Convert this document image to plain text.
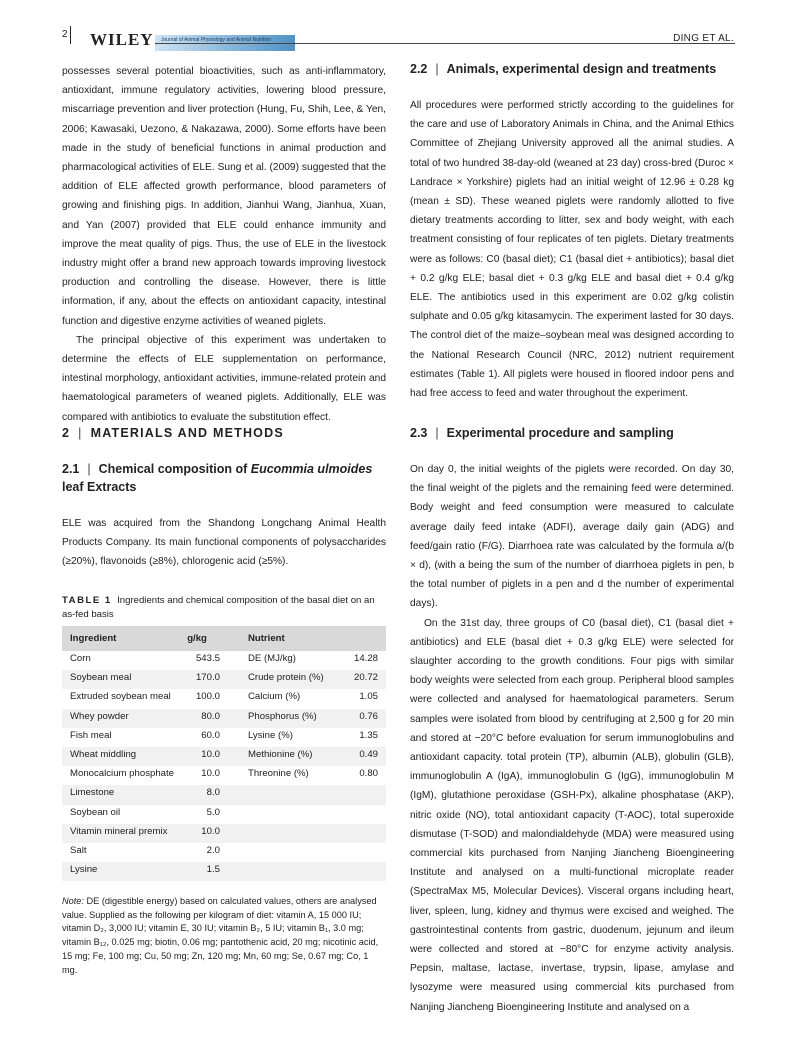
2 WILEY	Journal of Animal Physiology and Animal Nutrition	DING ET AL.

possesses several potential bioactivities, such as anti-inflammatory, antioxidant, immune regulatory activities, lowering blood pressure, miscarriage prevention and liver protection (Hung, Fu, Shih, Lee, & Yen, 2006; Kawasaki, Uezono, & Nakazawa, 2000). Some efforts have been made in the study of beneficial functions in animal production and pharmacological activities of ELE. Sung et al. (2009) suggested that the addition of ELE affected growth performance, blood parameters of growing and finishing pigs. In addition, Jianhui Wang, Jianhua, Xuan, and Yan (2007) provided that ELE could enhance immunity and improve the meat quality of pigs. Thus, the use of ELE in the livestock industry might offer a brand new approach towards improving livestock production and controlling the disease. However, there is little information, if any, about the effects on antioxidant capacity, intestinal function and digestive enzyme activities of weaned piglets.

The principal objective of this experiment was undertaken to determine the effects of ELE supplementation on performance, intestinal morphology, antioxidant activities, immune-related protein and haematological parameters of weaned piglets. Additionally, ELE was compared with antibiotics to evaluate the substitution effect.

2 | MATERIALS AND METHODS
2.1 | Chemical composition of Eucommia ulmoides
leaf Extracts

ELE was acquired from the Shandong Longchang Animal Health Products Company. Its main functional components of polysaccharides (≥20%), flavonoids (≥8%), chlorogenic acid (≥5%).

TABLE 1 Ingredients and chemical composition of the basal diet on an as-fed basis
Ingredient	g/kg	Nutrient	
Corn	543.5	DE (MJ/kg)	14.28
Soybean meal	170.0	Crude protein (%)	20.72
Extruded soybean meal	100.0	Calcium (%)	1.05
Whey powder	80.0	Phosphorus (%)	0.76
Fish meal	60.0	Lysine (%)	1.35
Wheat middling	10.0	Methionine (%)	0.49
Monocalcium phosphate	10.0	Threonine (%)	0.80
Limestone	8.0		
Soybean oil	5.0		
Vitamin mineral premix	10.0		
Salt	2.0		
Lysine	1.5		
Note: DE (digestible energy) based on calculated values, others are analysed value. Supplied as the following per kilogram of diet: vitamin A, 15 000 IU; vitamin D₂, 3,000 IU; vitamin E, 30 IU; vitamin B₂, 5 IU; vitamin B₁, 3.0 mg; vitamin B₁₂, 0.025 mg; biotin, 0.06 mg; pantothenic acid, 20 mg; nicotinic acid, 15 mg; Fe, 100 mg; Cu, 50 mg; Zn, 120 mg; Mn, 60 mg; Se, 0.67 mg; Co, 1 mg.
2.2 | Animals, experimental design and treatments

All procedures were performed strictly according to the guidelines for the care and use of Laboratory Animals in China, and the Animal Ethics Committee of Zhejiang University approved all the animal studies. A total of two hundred 38-day-old (weaned at 23 day) cross-bred (Duroc × Landrace × Yorkshire) piglets had an initial weight of 12.96 ± 0.28 kg (mean ± SD). These weaned piglets were randomly allotted to five dietary treatments according to litter, sex and body weight, with each treatment consisting of four replicates of ten piglets. Dietary treatments were as follows: C0 (basal diet); C1 (basal diet + antibiotics); basal diet + 0.2 g/kg ELE; basal diet + 0.3 g/kg ELE and basal diet + 0.4 g/kg ELE. The antibiotics used in this experiment are 0.02 g/kg colistin sulphate and 0.05 g/kg kitasamycin. The experiment lasted for 30 days. The control diet of the maize–soybean meal was designed according to the National Research Council (NRC, 2012) nutrient requirement estimates (Table 1). All piglets were housed in floored indoor pens and had free access to feed and water throughout the experiment.

2.3 | Experimental procedure and sampling

On day 0, the initial weights of the piglets were recorded. On day 30, the final weight of the piglets and the remaining feed were determined. Body weight and feed consumption were measured to calculate average daily feed intake (ADFI), average daily gain (ADG) and feed/gain ratio (F/G). Diarrhoea rate was calculated by the formula a/(b × d), (with a being the sum of the number of diarrhoea piglets in pen, b the total number of piglets in a pen and d the number of experimental days).

On the 31st day, three groups of C0 (basal diet), C1 (basal diet + antibiotics) and ELE (basal diet + 0.3 g/kg ELE) were selected for slaughter according to the growth conditions. Four pigs with similar body weights were selected from each group. Peripheral blood samples were collected and analysed for haematological parameters. Serum samples were isolated from blood by centrifuging at 2,500 g for 20 min and stored at −20°C before evaluation for serum immunoglobulins and antioxidant capacity. total protein (TP), albumin (ALB), globulin (GLB), immunoglobulin A (IgA), immunoglobulin G (IgG), immunoglobulin M (IgM), glutathione peroxidase (GSH-Px), alkaline phosphatase (AKP), nitric oxide (NO), total antioxidant capacity (T-AOC), total superoxide dismutase (T-SOD) and malondialdehyde (MDA) were measured using commercial kits purchased from Nanjing Jiancheng Bioengineering Institute and analysed on a multi-functional microplate reader (SpectraMax M5, Molecular Devices). Visceral organs including heart, liver, spleen, lung, kidney and thymus were excised and weighed. The gastrointestinal contents from gastric, duodenum, jejunum and ileum were collected and stored at −80°C for enzyme activity analysis. Pepsin, maltase, lactase, invertase, trypsin, lipase, amylase and lysozyme were measured using commercial kits purchased from Nanjing Jiancheng Bioengineering Institute and analysed on a
